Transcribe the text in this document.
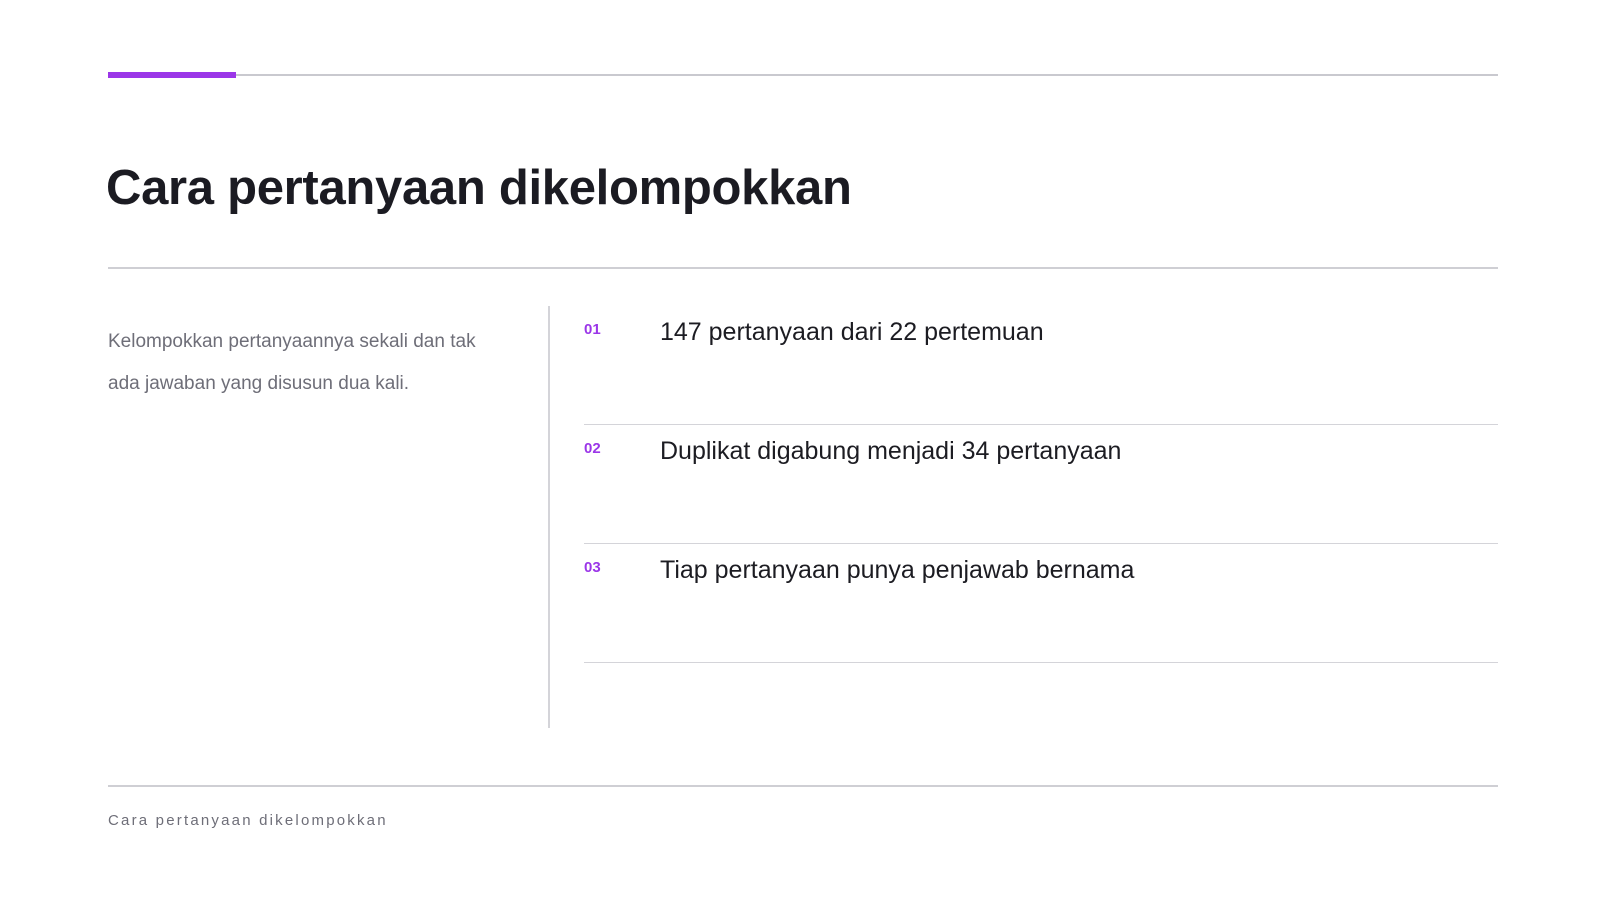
Cara pertanyaan dikelompokkan

Kelompokkan pertanyaannya sekali dan tak ada jawaban yang disusun dua kali.

01 147 pertanyaan dari 22 pertemuan
02 Duplikat digabung menjadi 34 pertanyaan
03 Tiap pertanyaan punya penjawab bernama

Cara pertanyaan dikelompokkan
